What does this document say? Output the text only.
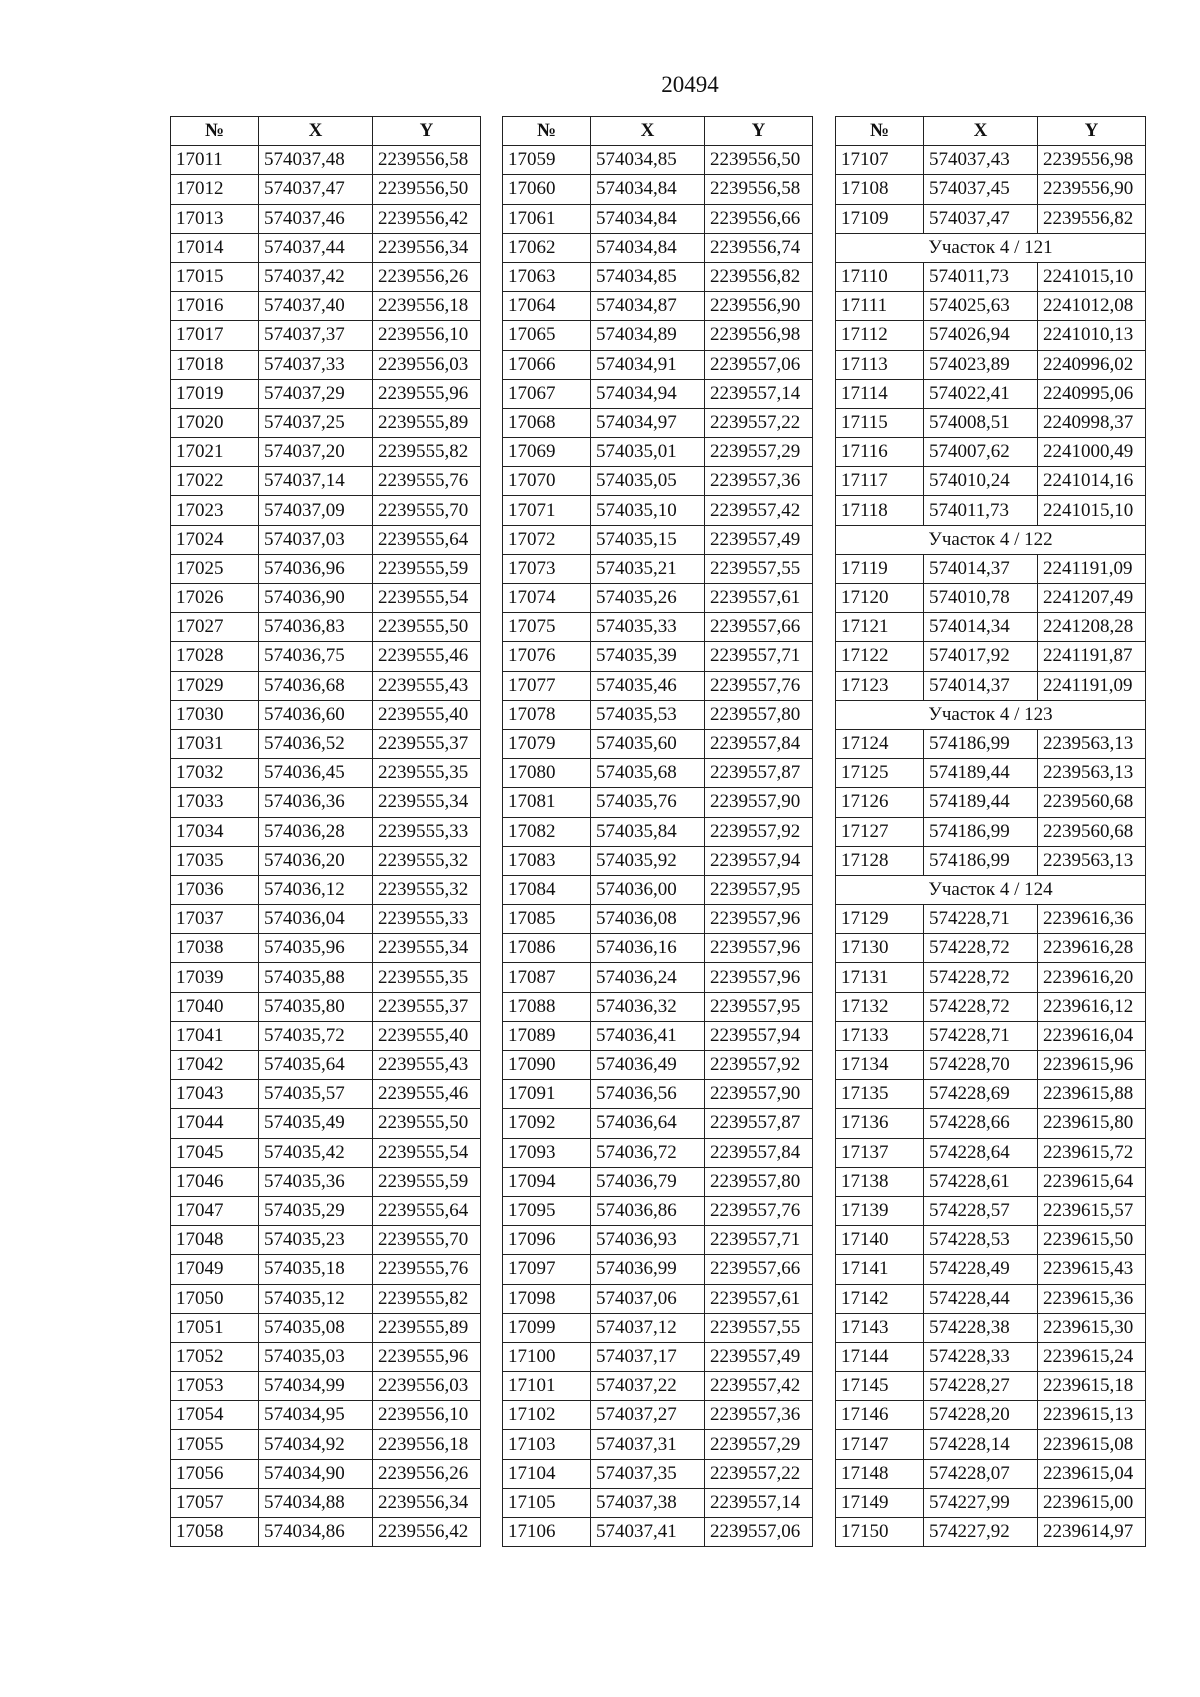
20494
№	X	Y
17011	574037,48	2239556,58
17012	574037,47	2239556,50
17013	574037,46	2239556,42
17014	574037,44	2239556,34
17015	574037,42	2239556,26
17016	574037,40	2239556,18
17017	574037,37	2239556,10
17018	574037,33	2239556,03
17019	574037,29	2239555,96
17020	574037,25	2239555,89
17021	574037,20	2239555,82
17022	574037,14	2239555,76
17023	574037,09	2239555,70
17024	574037,03	2239555,64
17025	574036,96	2239555,59
17026	574036,90	2239555,54
17027	574036,83	2239555,50
17028	574036,75	2239555,46
17029	574036,68	2239555,43
17030	574036,60	2239555,40
17031	574036,52	2239555,37
17032	574036,45	2239555,35
17033	574036,36	2239555,34
17034	574036,28	2239555,33
17035	574036,20	2239555,32
17036	574036,12	2239555,32
17037	574036,04	2239555,33
17038	574035,96	2239555,34
17039	574035,88	2239555,35
17040	574035,80	2239555,37
17041	574035,72	2239555,40
17042	574035,64	2239555,43
17043	574035,57	2239555,46
17044	574035,49	2239555,50
17045	574035,42	2239555,54
17046	574035,36	2239555,59
17047	574035,29	2239555,64
17048	574035,23	2239555,70
17049	574035,18	2239555,76
17050	574035,12	2239555,82
17051	574035,08	2239555,89
17052	574035,03	2239555,96
17053	574034,99	2239556,03
17054	574034,95	2239556,10
17055	574034,92	2239556,18
17056	574034,90	2239556,26
17057	574034,88	2239556,34
17058	574034,86	2239556,42
№	X	Y
17059	574034,85	2239556,50
17060	574034,84	2239556,58
17061	574034,84	2239556,66
17062	574034,84	2239556,74
17063	574034,85	2239556,82
17064	574034,87	2239556,90
17065	574034,89	2239556,98
17066	574034,91	2239557,06
17067	574034,94	2239557,14
17068	574034,97	2239557,22
17069	574035,01	2239557,29
17070	574035,05	2239557,36
17071	574035,10	2239557,42
17072	574035,15	2239557,49
17073	574035,21	2239557,55
17074	574035,26	2239557,61
17075	574035,33	2239557,66
17076	574035,39	2239557,71
17077	574035,46	2239557,76
17078	574035,53	2239557,80
17079	574035,60	2239557,84
17080	574035,68	2239557,87
17081	574035,76	2239557,90
17082	574035,84	2239557,92
17083	574035,92	2239557,94
17084	574036,00	2239557,95
17085	574036,08	2239557,96
17086	574036,16	2239557,96
17087	574036,24	2239557,96
17088	574036,32	2239557,95
17089	574036,41	2239557,94
17090	574036,49	2239557,92
17091	574036,56	2239557,90
17092	574036,64	2239557,87
17093	574036,72	2239557,84
17094	574036,79	2239557,80
17095	574036,86	2239557,76
17096	574036,93	2239557,71
17097	574036,99	2239557,66
17098	574037,06	2239557,61
17099	574037,12	2239557,55
17100	574037,17	2239557,49
17101	574037,22	2239557,42
17102	574037,27	2239557,36
17103	574037,31	2239557,29
17104	574037,35	2239557,22
17105	574037,38	2239557,14
17106	574037,41	2239557,06
№	X	Y
17107	574037,43	2239556,98
17108	574037,45	2239556,90
17109	574037,47	2239556,82
Участок 4 / 121		
17110	574011,73	2241015,10
17111	574025,63	2241012,08
17112	574026,94	2241010,13
17113	574023,89	2240996,02
17114	574022,41	2240995,06
17115	574008,51	2240998,37
17116	574007,62	2241000,49
17117	574010,24	2241014,16
17118	574011,73	2241015,10
Участок 4 / 122		
17119	574014,37	2241191,09
17120	574010,78	2241207,49
17121	574014,34	2241208,28
17122	574017,92	2241191,87
17123	574014,37	2241191,09
Участок 4 / 123		
17124	574186,99	2239563,13
17125	574189,44	2239563,13
17126	574189,44	2239560,68
17127	574186,99	2239560,68
17128	574186,99	2239563,13
Участок 4 / 124		
17129	574228,71	2239616,36
17130	574228,72	2239616,28
17131	574228,72	2239616,20
17132	574228,72	2239616,12
17133	574228,71	2239616,04
17134	574228,70	2239615,96
17135	574228,69	2239615,88
17136	574228,66	2239615,80
17137	574228,64	2239615,72
17138	574228,61	2239615,64
17139	574228,57	2239615,57
17140	574228,53	2239615,50
17141	574228,49	2239615,43
17142	574228,44	2239615,36
17143	574228,38	2239615,30
17144	574228,33	2239615,24
17145	574228,27	2239615,18
17146	574228,20	2239615,13
17147	574228,14	2239615,08
17148	574228,07	2239615,04
17149	574227,99	2239615,00
17150	574227,92	2239614,97
